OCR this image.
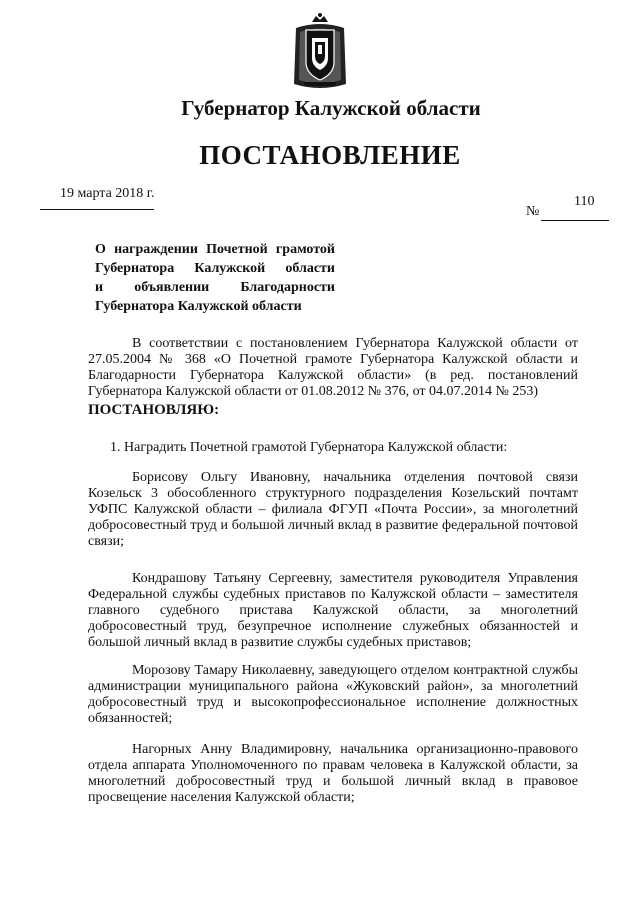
Губернатор Калужской области
ПОСТАНОВЛЕНИЕ
19 марта 2018 г.
110
№
О награждении Почетной грамотой
Губернатора Калужской области
и объявлении Благодарности
Губернатора Калужской области
В соответствии с постановлением Губернатора Калужской области от 27.05.2004 № 368 «О Почетной грамоте Губернатора Калужской области и Благодарности Губернатора Калужской области» (в ред. постановлений Губернатора Калужской области от 01.08.2012 № 376, от 04.07.2014 № 253)
ПОСТАНОВЛЯЮ:
1. Наградить Почетной грамотой Губернатора Калужской области:
Борисову Ольгу Ивановну, начальника отделения почтовой связи Козельск 3 обособленного структурного подразделения Козельский почтамт УФПС Калужской области – филиала ФГУП «Почта России», за многолетний добросовестный труд и большой личный вклад в развитие федеральной почтовой связи;
Кондрашову Татьяну Сергеевну, заместителя руководителя Управления Федеральной службы судебных приставов по Калужской области – заместителя главного судебного пристава Калужской области, за многолетний добросовестный труд, безупречное исполнение служебных обязанностей и большой личный вклад в развитие службы судебных приставов;
Морозову Тамару Николаевну, заведующего отделом контрактной службы администрации муниципального района «Жуковский район», за многолетний добросовестный труд и высокопрофессиональное исполнение должностных обязанностей;
Нагорных Анну Владимировну, начальника организационно-правового отдела аппарата Уполномоченного по правам человека в Калужской области, за многолетний добросовестный труд и большой личный вклад в правовое просвещение населения Калужской области;
